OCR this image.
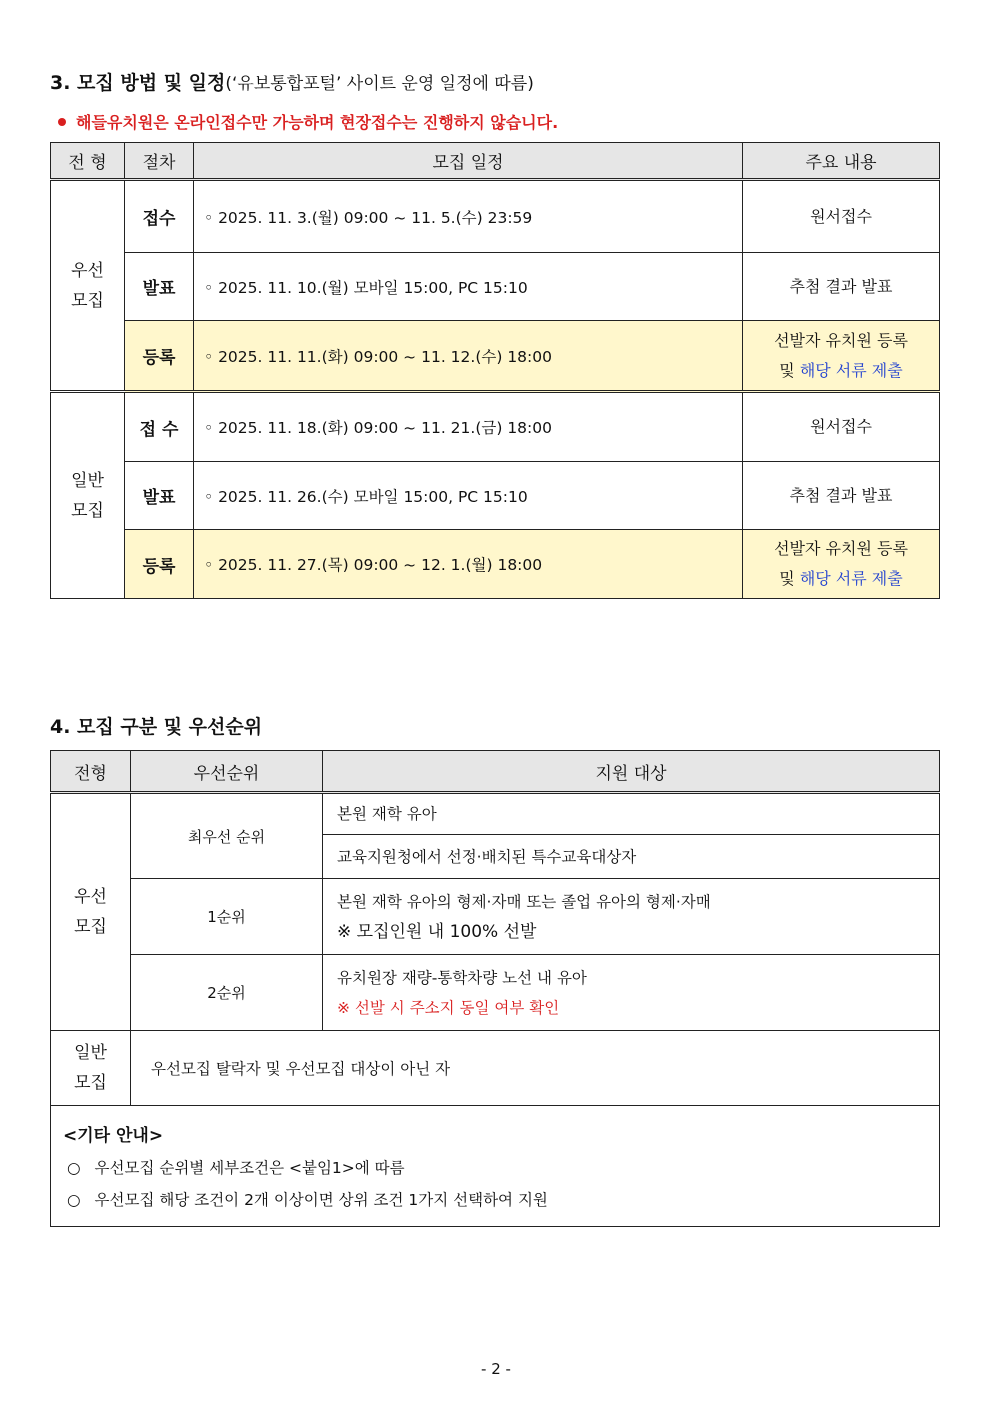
3. 모집 방법 및 일정(‘유보통합포털’ 사이트 운영 일정에 따름)
해들유치원은 온라인접수만 가능하며 현장접수는 진행하지 않습니다.
전 형	절차	모집 일정	주요 내용
우선
모집	접수	◦ 2025. 11. 3.(월) 09:00 ~ 11. 5.(수) 23:59	원서접수
	발표	◦ 2025. 11. 10.(월) 모바일 15:00, PC 15:10	추첨 결과 발표
	등록	◦ 2025. 11. 11.(화) 09:00 ~ 11. 12.(수) 18:00	선발자 유치원 등록
및 해당 서류 제출
일반
모집	접 수	◦ 2025. 11. 18.(화) 09:00 ~ 11. 21.(금) 18:00	원서접수
	발표	◦ 2025. 11. 26.(수) 모바일 15:00, PC 15:10	추첨 결과 발표
	등록	◦ 2025. 11. 27.(목) 09:00 ~ 12. 1.(월) 18:00	선발자 유치원 등록
및 해당 서류 제출
4. 모집 구분 및 우선순위
전형	우선순위	지원 대상
우선
모집	최우선 순위	본원 재학 유아
		교육지원청에서 선정·배치된 특수교육대상자
	1순위	본원 재학 유아의 형제·자매 또는 졸업 유아의 형제·자매
※ 모집인원 내 100% 선발
	2순위	유치원장 재량-통학차량 노선 내 유아
※ 선발 시 주소지 동일 여부 확인
일반
모집	우선모집 탈락자 및 우선모집 대상이 아닌 자	

<기타 안내>
○ 우선모집 순위별 세부조건은 <붙임1>에 따름
○ 우선모집 해당 조건이 2개 이상이면 상위 조건 1가지 선택하여 지원		
- 2 -
